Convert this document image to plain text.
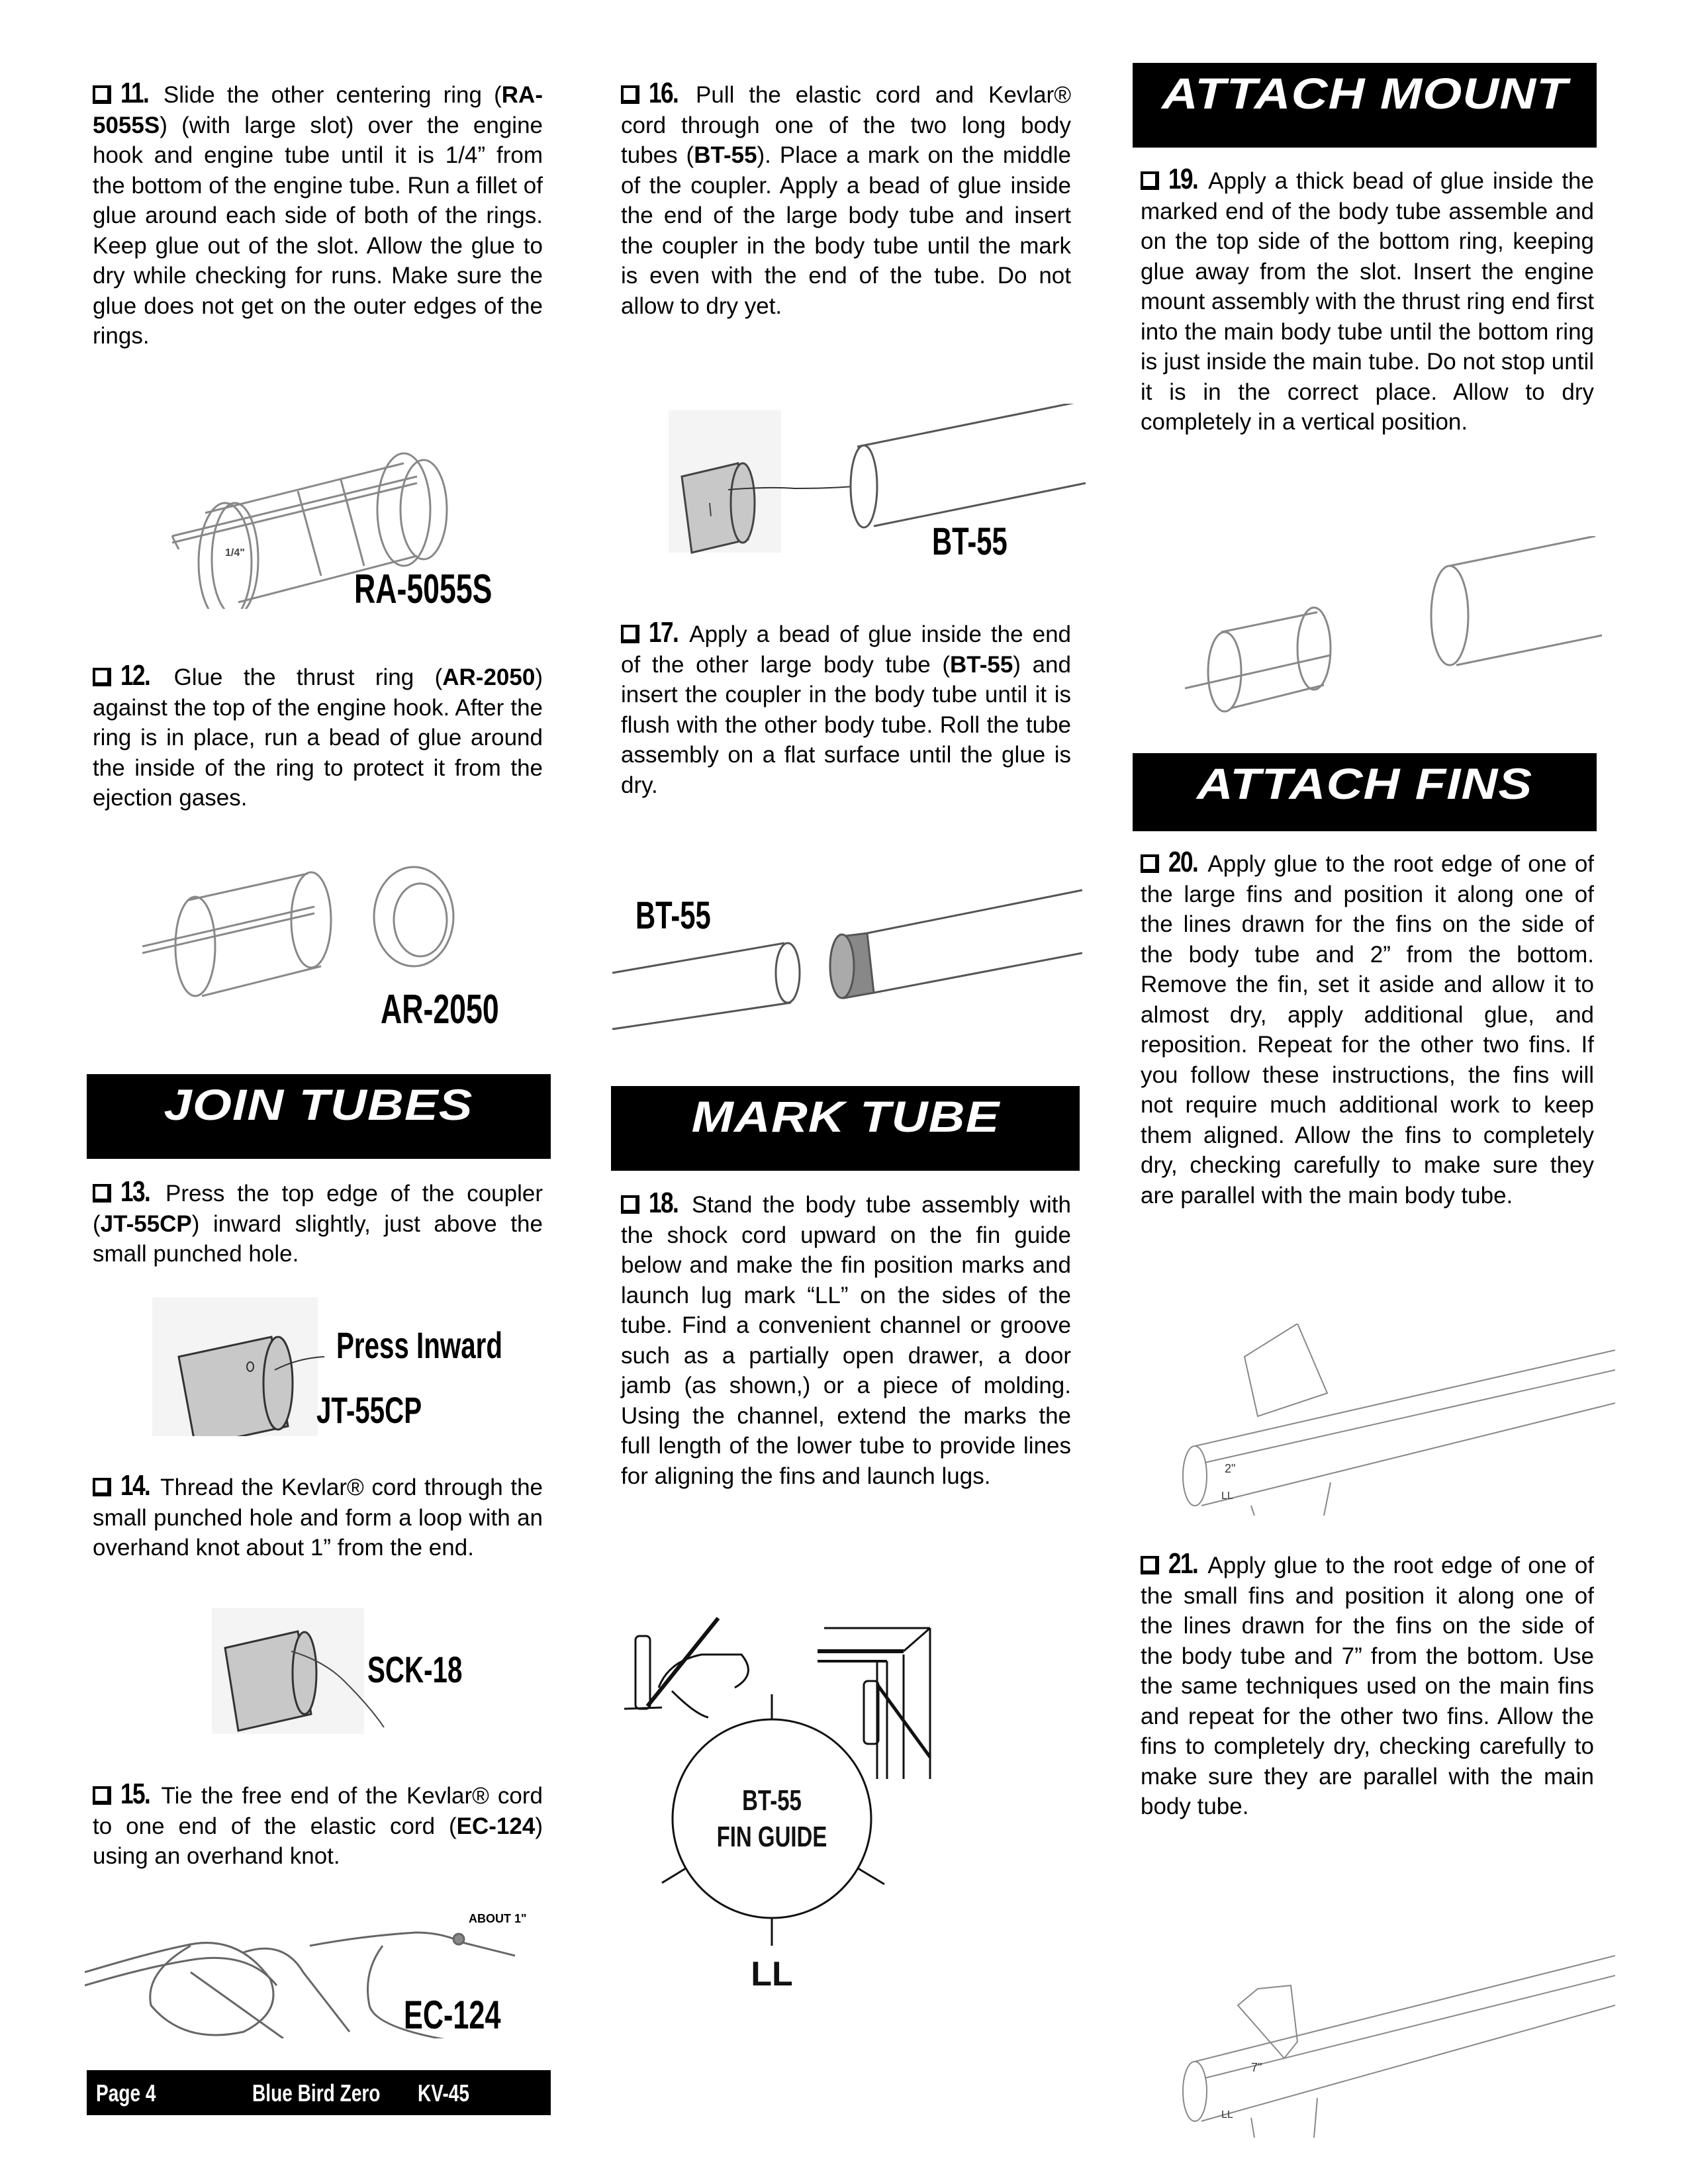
11. Slide the other centering ring (RA-5055S) (with large slot) over the engine hook and engine tube until it is 1/4” from the bottom of the engine tube. Run a fillet of glue around each side of both of the rings. Keep glue out of the slot. Allow the glue to dry while checking for runs. Make sure the glue does not get on the outer edges of the rings.
1/4"
RA-5055S
12. Glue the thrust ring (AR-2050) against the top of the engine hook. After the ring is in place, run a bead of glue around the inside of the ring to protect it from the ejection gases.
AR-2050
JOIN TUBES
13. Press the top edge of the coupler (JT-55CP) inward slightly, just above the small punched hole.
Press Inward
JT-55CP
14. Thread the Kevlar® cord through the small punched hole and form a loop with an overhand knot about 1” from the end.
SCK-18
15. Tie the free end of the Kevlar® cord to one end of the elastic cord (EC-124) using an overhand knot.
ABOUT 1"
EC-124
Page 4	Blue Bird Zero KV-45
16. Pull the elastic cord and Kevlar® cord through one of the two long body tubes (BT-55). Place a mark on the middle of the coupler. Apply a bead of glue inside the end of the large body tube and insert the coupler in the body tube until the mark is even with the end of the tube. Do not allow to dry yet.
BT-55
17. Apply a bead of glue inside the end of the other large body tube (BT-55) and insert the coupler in the body tube until it is flush with the other body tube. Roll the tube assembly on a flat surface until the glue is dry.
BT-55
MARK TUBE
18. Stand the body tube assembly with the shock cord upward on the fin guide below and make the fin position marks and launch lug mark “LL” on the sides of the tube. Find a convenient channel or groove such as a partially open drawer, a door jamb (as shown,) or a piece of molding. Using the channel, extend the marks the full length of the lower tube to provide lines for aligning the fins and launch lugs.
BT-55
FIN GUIDE
LL
ATTACH MOUNT
19. Apply a thick bead of glue inside the marked end of the body tube assemble and on the top side of the bottom ring, keeping glue away from the slot. Insert the engine mount assembly with the thrust ring end first into the main body tube until the bottom ring is just inside the main tube. Do not stop until it is in the correct place. Allow to dry completely in a vertical position.
ATTACH FINS
20. Apply glue to the root edge of one of the large fins and position it along one of the lines drawn for the fins on the side of the body tube and 2” from the bottom. Remove the fin, set it aside and allow it to almost dry, apply additional glue, and reposition. Repeat for the other two fins. If you follow these instructions, the fins will not require much additional work to keep them aligned. Allow the fins to completely dry, checking carefully to make sure they are parallel with the main body tube.
2"
LL
21. Apply glue to the root edge of one of the small fins and position it along one of the lines drawn for the fins on the side of the body tube and 7” from the bottom. Use the same techniques used on the main fins and repeat for the other two fins. Allow the fins to completely dry, checking carefully to make sure they are parallel with the main body tube.
7"
LL
